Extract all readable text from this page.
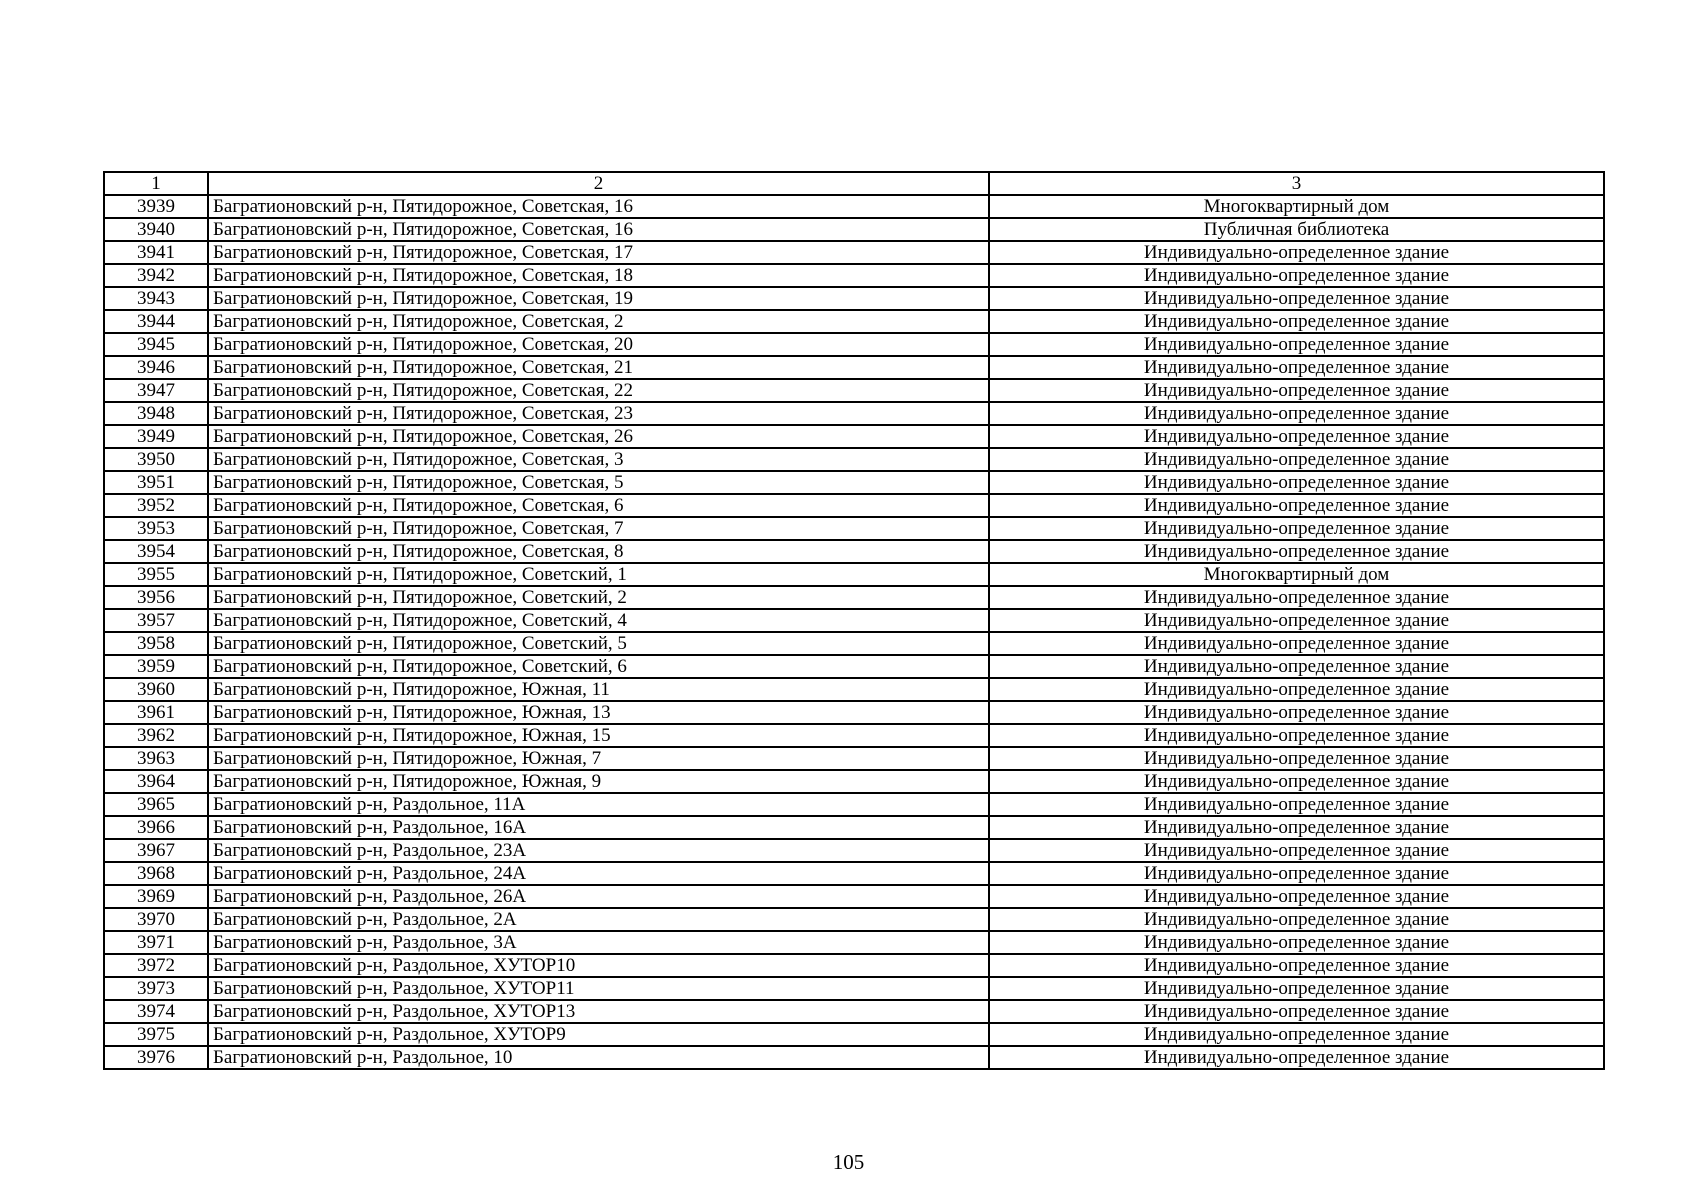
1	2	3
3939	Багратионовский р-н, Пятидорожное, Советская, 16	Многоквартирный дом
3940	Багратионовский р-н, Пятидорожное, Советская, 16	Публичная библиотека
3941	Багратионовский р-н, Пятидорожное, Советская, 17	Индивидуально-определенное здание
3942	Багратионовский р-н, Пятидорожное, Советская, 18	Индивидуально-определенное здание
3943	Багратионовский р-н, Пятидорожное, Советская, 19	Индивидуально-определенное здание
3944	Багратионовский р-н, Пятидорожное, Советская, 2	Индивидуально-определенное здание
3945	Багратионовский р-н, Пятидорожное, Советская, 20	Индивидуально-определенное здание
3946	Багратионовский р-н, Пятидорожное, Советская, 21	Индивидуально-определенное здание
3947	Багратионовский р-н, Пятидорожное, Советская, 22	Индивидуально-определенное здание
3948	Багратионовский р-н, Пятидорожное, Советская, 23	Индивидуально-определенное здание
3949	Багратионовский р-н, Пятидорожное, Советская, 26	Индивидуально-определенное здание
3950	Багратионовский р-н, Пятидорожное, Советская, 3	Индивидуально-определенное здание
3951	Багратионовский р-н, Пятидорожное, Советская, 5	Индивидуально-определенное здание
3952	Багратионовский р-н, Пятидорожное, Советская, 6	Индивидуально-определенное здание
3953	Багратионовский р-н, Пятидорожное, Советская, 7	Индивидуально-определенное здание
3954	Багратионовский р-н, Пятидорожное, Советская, 8	Индивидуально-определенное здание
3955	Багратионовский р-н, Пятидорожное, Советский, 1	Многоквартирный дом
3956	Багратионовский р-н, Пятидорожное, Советский, 2	Индивидуально-определенное здание
3957	Багратионовский р-н, Пятидорожное, Советский, 4	Индивидуально-определенное здание
3958	Багратионовский р-н, Пятидорожное, Советский, 5	Индивидуально-определенное здание
3959	Багратионовский р-н, Пятидорожное, Советский, 6	Индивидуально-определенное здание
3960	Багратионовский р-н, Пятидорожное, Южная, 11	Индивидуально-определенное здание
3961	Багратионовский р-н, Пятидорожное, Южная, 13	Индивидуально-определенное здание
3962	Багратионовский р-н, Пятидорожное, Южная, 15	Индивидуально-определенное здание
3963	Багратионовский р-н, Пятидорожное, Южная, 7	Индивидуально-определенное здание
3964	Багратионовский р-н, Пятидорожное, Южная, 9	Индивидуально-определенное здание
3965	Багратионовский р-н, Раздольное, 11А	Индивидуально-определенное здание
3966	Багратионовский р-н, Раздольное, 16А	Индивидуально-определенное здание
3967	Багратионовский р-н, Раздольное, 23А	Индивидуально-определенное здание
3968	Багратионовский р-н, Раздольное, 24А	Индивидуально-определенное здание
3969	Багратионовский р-н, Раздольное, 26А	Индивидуально-определенное здание
3970	Багратионовский р-н, Раздольное, 2А	Индивидуально-определенное здание
3971	Багратионовский р-н, Раздольное, 3А	Индивидуально-определенное здание
3972	Багратионовский р-н, Раздольное, ХУТОР10	Индивидуально-определенное здание
3973	Багратионовский р-н, Раздольное, ХУТОР11	Индивидуально-определенное здание
3974	Багратионовский р-н, Раздольное, ХУТОР13	Индивидуально-определенное здание
3975	Багратионовский р-н, Раздольное, ХУТОР9	Индивидуально-определенное здание
3976	Багратионовский р-н, Раздольное, 10	Индивидуально-определенное здание
105
